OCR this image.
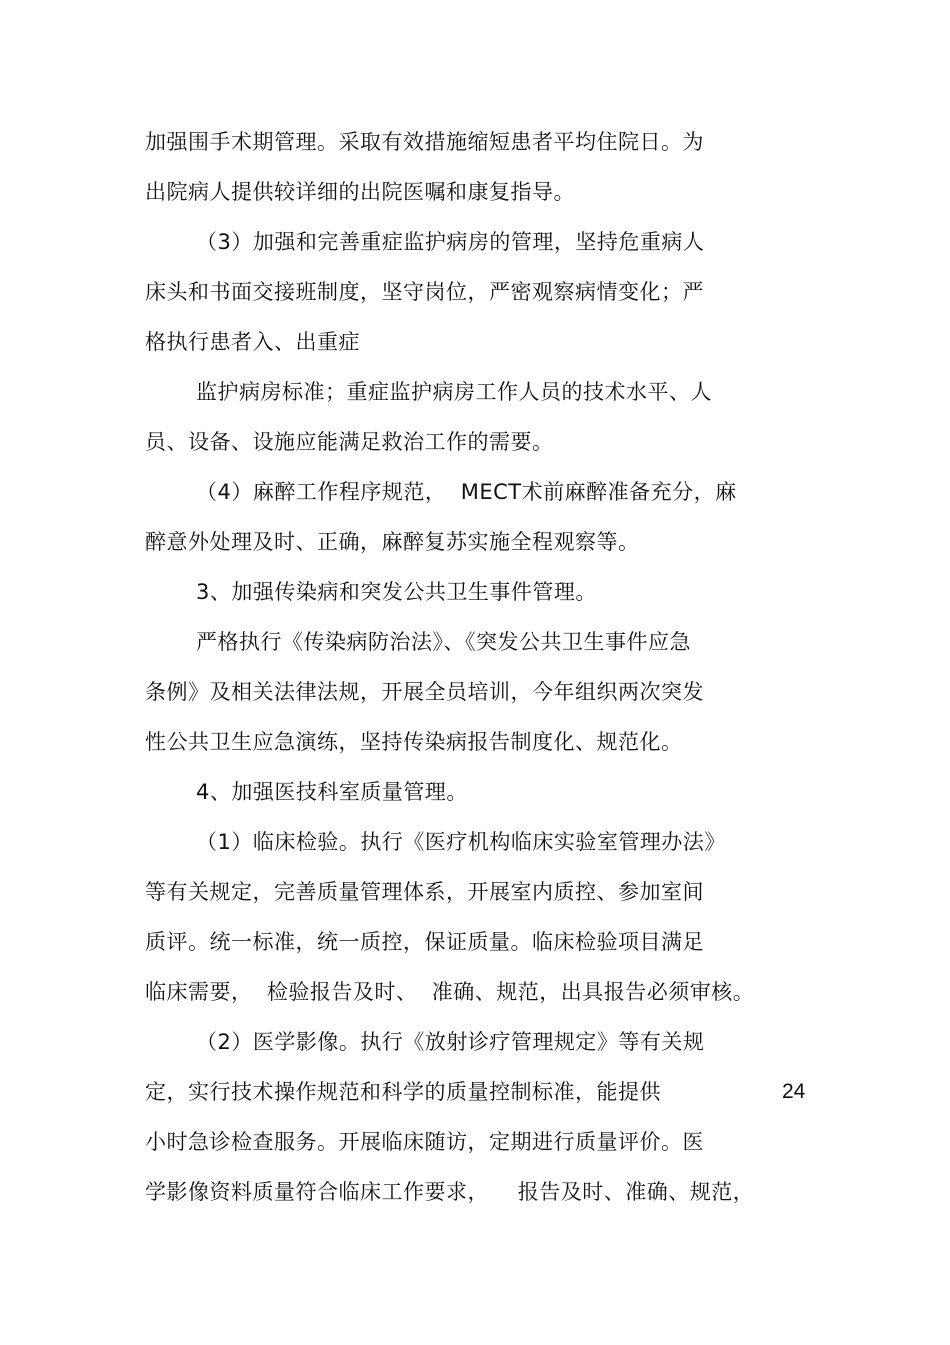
加强围手术期管理。采取有效措施缩短患者平均住院日。为
出院病人提供较详细的出院医嘱和康复指导。
（3）加强和完善重症监护病房的管理，坚持危重病人
床头和书面交接班制度，坚守岗位，严密观察病情变化；严
格执行患者入、出重症
监护病房标准；重症监护病房工作人员的技术水平、人
员、设备、设施应能满足救治工作的需要。
（4）麻醉工作程序规范，  MECT术前麻醉准备充分，麻
醉意外处理及时、正确，麻醉复苏实施全程观察等。
3、加强传染病和突发公共卫生事件管理。
严格执行《传染病防治法》、《突发公共卫生事件应急
条例》及相关法律法规，开展全员培训，今年组织两次突发
性公共卫生应急演练，坚持传染病报告制度化、规范化。
4、加强医技科室质量管理。
（1）临床检验。执行《医疗机构临床实验室管理办法》
等有关规定，完善质量管理体系，开展室内质控、参加室间
质评。统一标准，统一质控，保证质量。临床检验项目满足
临床需要，  检验报告及时、  准确、规范，出具报告必须审核。
（2）医学影像。执行《放射诊疗管理规定》等有关规
定，实行技术操作规范和科学的质量控制标准，能提供	24
小时急诊检查服务。开展临床随访，定期进行质量评价。医
学影像资料质量符合临床工作要求，    报告及时、准确、规范，
